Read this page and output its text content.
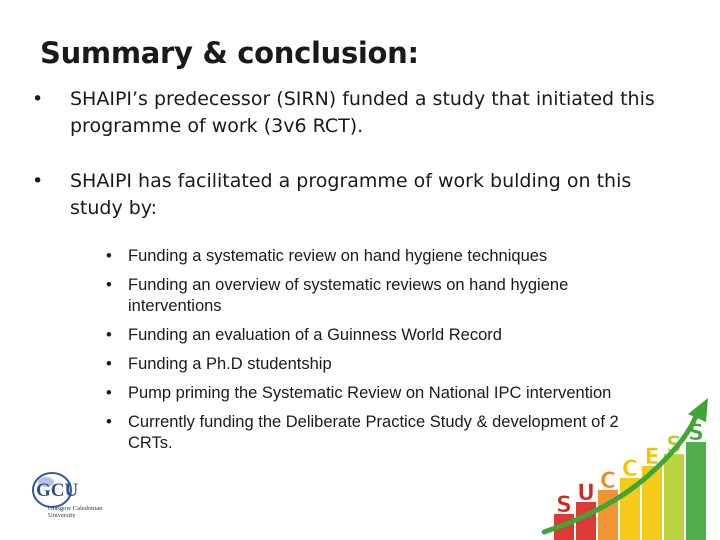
Summary & conclusion:
• SHAIPI’s predecessor (SIRN) funded a study that initiated this programme of work (3v6 RCT).
• SHAIPI has facilitated a programme of work bulding on this study by:
• Funding a systematic review on hand hygiene techniques
• Funding an overview of systematic reviews on hand hygiene interventions
• Funding an evaluation of a Guinness World Record
• Funding a Ph.D studentship
• Pump priming the Systematic Review on National IPC intervention
• Currently funding the Deliberate Practice Study & development of 2 CRTs.
GCU
Glasgow Caledonian
University	S U C C E S S
